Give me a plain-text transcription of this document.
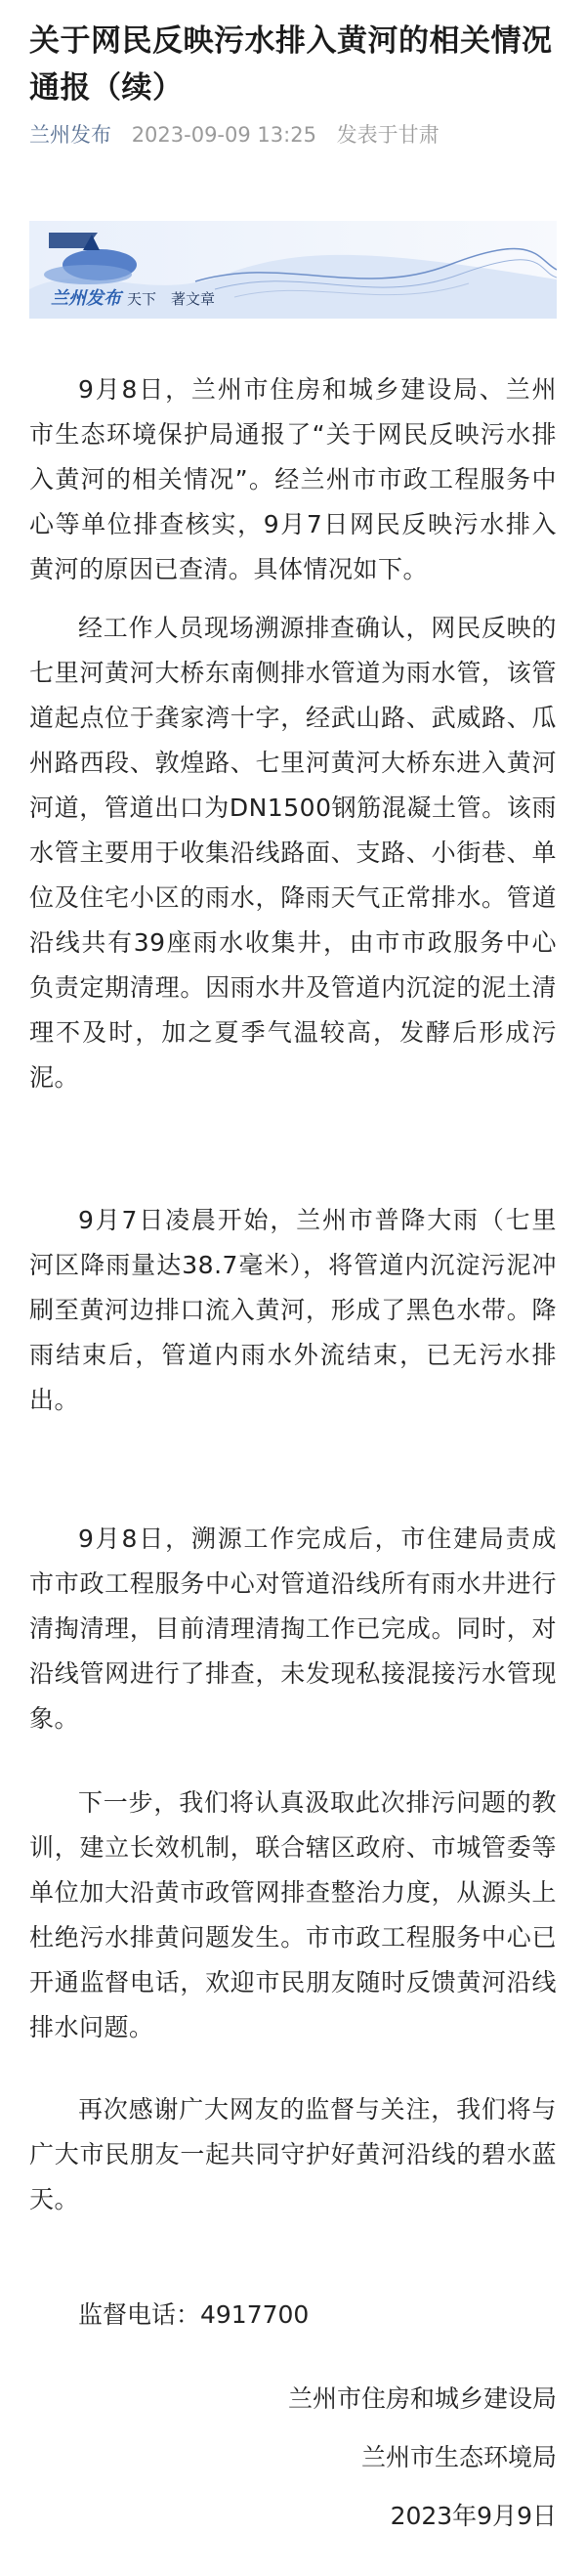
关于网民反映污水排入黄河的相关情况通报（续）
兰州发布 2023-09-09 13:25 发表于甘肃
兰州发布 天下　著文章

9月8日，兰州市住房和城乡建设局、兰州市生态环境保护局通报了“关于网民反映污水排入黄河的相关情况”。经兰州市市政工程服务中心等单位排查核实，9月7日网民反映污水排入黄河的原因已查清。具体情况如下。

经工作人员现场溯源排查确认，网民反映的七里河黄河大桥东南侧排水管道为雨水管，该管道起点位于龚家湾十字，经武山路、武威路、瓜州路西段、敦煌路、七里河黄河大桥东进入黄河河道，管道出口为DN1500钢筋混凝土管。该雨水管主要用于收集沿线路面、支路、小街巷、单位及住宅小区的雨水，降雨天气正常排水。管道沿线共有39座雨水收集井，由市市政服务中心负责定期清理。因雨水井及管道内沉淀的泥土清理不及时，加之夏季气温较高，发酵后形成污泥。

9月7日凌晨开始，兰州市普降大雨（七里河区降雨量达38.7毫米），将管道内沉淀污泥冲刷至黄河边排口流入黄河，形成了黑色水带。降雨结束后，管道内雨水外流结束，已无污水排出。

9月8日，溯源工作完成后，市住建局责成市市政工程服务中心对管道沿线所有雨水井进行清掏清理，目前清理清掏工作已完成。同时，对沿线管网进行了排查，未发现私接混接污水管现象。

下一步，我们将认真汲取此次排污问题的教训，建立长效机制，联合辖区政府、市城管委等单位加大沿黄市政管网排查整治力度，从源头上杜绝污水排黄问题发生。市市政工程服务中心已开通监督电话，欢迎市民朋友随时反馈黄河沿线排水问题。

再次感谢广大网友的监督与关注，我们将与广大市民朋友一起共同守护好黄河沿线的碧水蓝天。

监督电话：4917700
兰州市住房和城乡建设局
兰州市生态环境局
2023年9月9日
